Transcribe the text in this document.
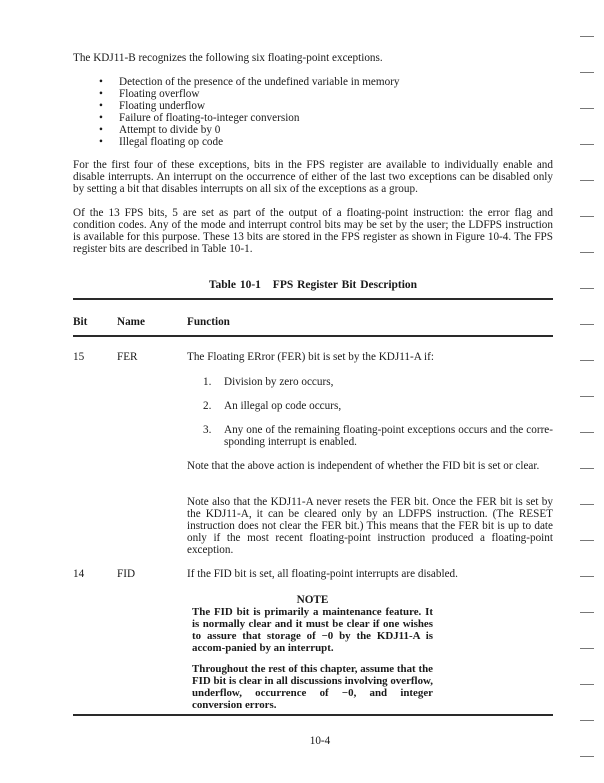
The KDJ11-B recognizes the following six floating-point exceptions.
• Detection of the presence of the undefined variable in memory
• Floating overflow
• Floating underflow
• Failure of floating-to-integer conversion
• Attempt to divide by 0
• Illegal floating op code
For the first four of these exceptions, bits in the FPS register are available to individually enable and disable interrupts. An interrupt on the occurrence of either of the last two exceptions can be disabled only by setting a bit that disables interrupts on all six of the exceptions as a group.
Of the 13 FPS bits, 5 are set as part of the output of a floating-point instruction: the error flag and condition codes. Any of the mode and interrupt control bits may be set by the user; the LDFPS instruction is available for this purpose. These 13 bits are stored in the FPS register as shown in Figure 10-4. The FPS register bits are described in Table 10-1.
Table 10-1 FPS Register Bit Description
Bit	Name	Function
15	FER	The Floating ERror (FER) bit is set by the KDJ11-A if:
1. Division by zero occurs,
2. An illegal op code occurs,
3. Any one of the remaining floating-point exceptions occurs and the corre-sponding interrupt is enabled.
Note that the above action is independent of whether the FID bit is set or clear.
Note also that the KDJ11-A never resets the FER bit. Once the FER bit is set by the KDJ11-A, it can be cleared only by an LDFPS instruction. (The RESET instruction does not clear the FER bit.) This means that the FER bit is up to date only if the most recent floating-point instruction produced a floating-point exception.
14	FID	If the FID bit is set, all floating-point interrupts are disabled.
NOTE
The FID bit is primarily a maintenance feature. It is normally clear and it must be clear if one wishes to assure that storage of −0 by the KDJ11-A is accom-panied by an interrupt.
Throughout the rest of this chapter, assume that the FID bit is clear in all discussions involving overflow, underflow, occurrence of −0, and integer conversion errors.
10-4
